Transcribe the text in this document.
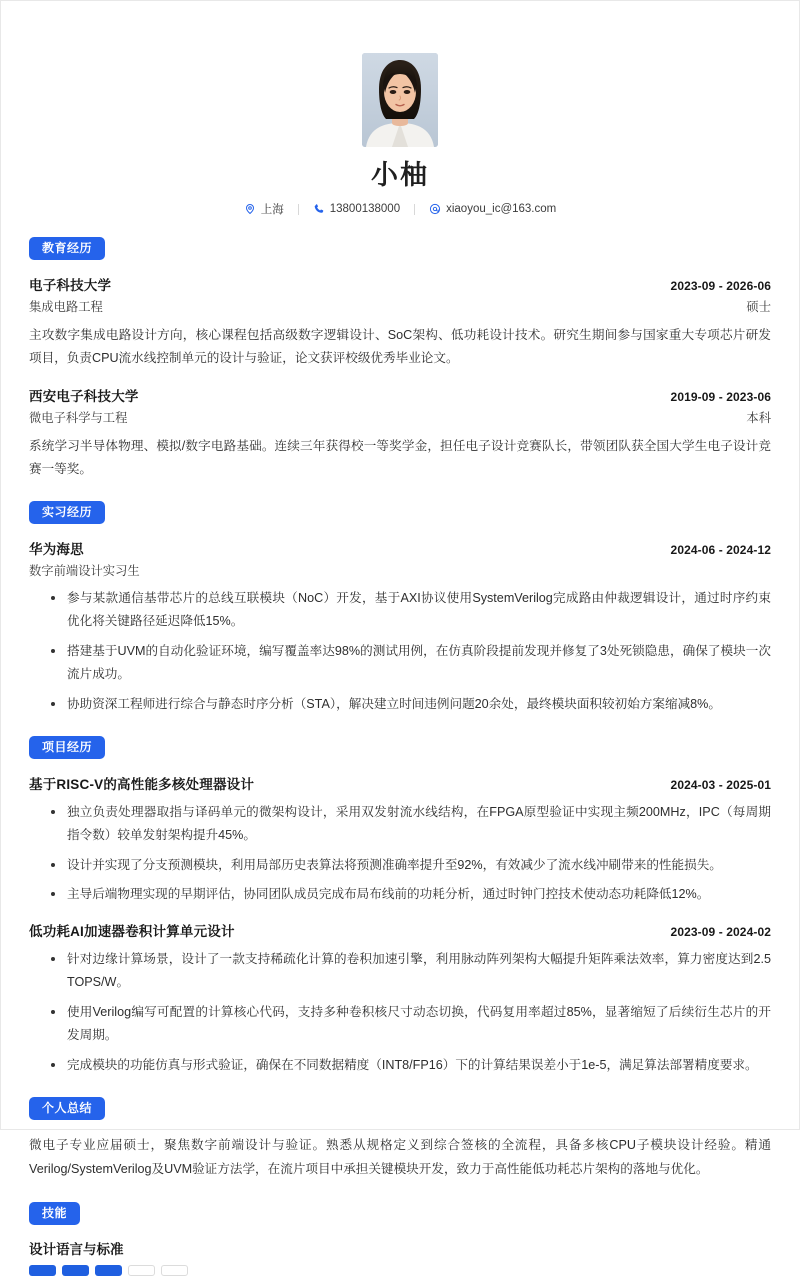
小柚
上海	13800138000	xiaoyou_ic@163.com
教育经历
电子科技大学	2023-09 - 2026-06
集成电路工程	硕士
主攻数字集成电路设计方向，核心课程包括高级数字逻辑设计、SoC架构、低功耗设计技术。研究生期间参与国家重大专项芯片研发项目，负责CPU流水线控制单元的设计与验证，论文获评校级优秀毕业论文。
西安电子科技大学	2019-09 - 2023-06
微电子科学与工程	本科
系统学习半导体物理、模拟/数字电路基础。连续三年获得校一等奖学金，担任电子设计竞赛队长，带领团队获全国大学生电子设计竞赛一等奖。
实习经历
华为海思	2024-06 - 2024-12
数字前端设计实习生
参与某款通信基带芯片的总线互联模块（NoC）开发，基于AXI协议使用SystemVerilog完成路由仲裁逻辑设计，通过时序约束优化将关键路径延迟降低15%。
搭建基于UVM的自动化验证环境，编写覆盖率达98%的测试用例，在仿真阶段提前发现并修复了3处死锁隐患，确保了模块一次流片成功。
协助资深工程师进行综合与静态时序分析（STA），解决建立时间违例问题20余处，最终模块面积较初始方案缩减8%。
项目经历
基于RISC-V的高性能多核处理器设计	2024-03 - 2025-01
独立负责处理器取指与译码单元的微架构设计，采用双发射流水线结构，在FPGA原型验证中实现主频200MHz，IPC（每周期指令数）较单发射架构提升45%。
设计并实现了分支预测模块，利用局部历史表算法将预测准确率提升至92%，有效减少了流水线冲刷带来的性能损失。
主导后端物理实现的早期评估，协同团队成员完成布局布线前的功耗分析，通过时钟门控技术使动态功耗降低12%。
低功耗AI加速器卷积计算单元设计	2023-09 - 2024-02
针对边缘计算场景，设计了一款支持稀疏化计算的卷积加速引擎，利用脉动阵列架构大幅提升矩阵乘法效率，算力密度达到2.5 TOPS/W。
使用Verilog编写可配置的计算核心代码，支持多种卷积核尺寸动态切换，代码复用率超过85%，显著缩短了后续衍生芯片的开发周期。
完成模块的功能仿真与形式验证，确保在不同数据精度（INT8/FP16）下的计算结果误差小于1e-5，满足算法部署精度要求。
个人总结
微电子专业应届硕士，聚焦数字前端设计与验证。熟悉从规格定义到综合签核的全流程，具备多核CPU子模块设计经验。精通Verilog/SystemVerilog及UVM验证方法学，在流片项目中承担关键模块开发，致力于高性能低功耗芯片架构的落地与优化。
技能
设计语言与标准
